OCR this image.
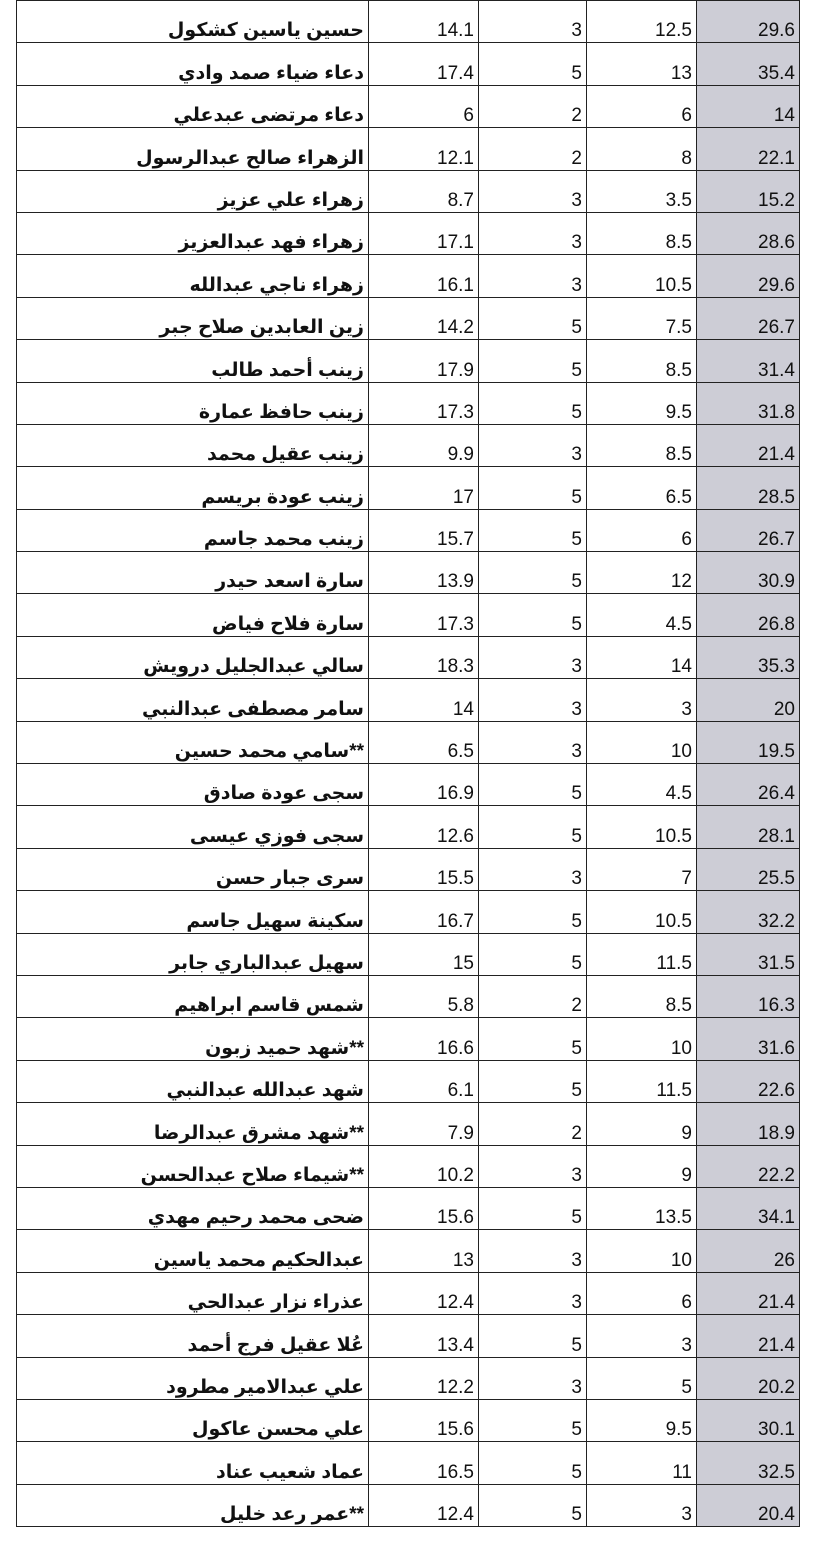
حسين ياسين كشكول	14.1	3	12.5	29.6
دعاء ضياء صمد وادي	17.4	5	13	35.4
دعاء مرتضى عبدعلي	6	2	6	14
الزهراء صالح عبدالرسول	12.1	2	8	22.1
زهراء علي عزيز	8.7	3	3.5	15.2
زهراء فهد عبدالعزيز	17.1	3	8.5	28.6
زهراء ناجي عبدالله	16.1	3	10.5	29.6
زين العابدين صلاح جبر	14.2	5	7.5	26.7
زينب أحمد طالب	17.9	5	8.5	31.4
زينب حافظ عمارة	17.3	5	9.5	31.8
زينب عقيل محمد	9.9	3	8.5	21.4
زينب عودة بريسم	17	5	6.5	28.5
زينب محمد جاسم	15.7	5	6	26.7
سارة اسعد حيدر	13.9	5	12	30.9
سارة فلاح فياض	17.3	5	4.5	26.8
سالي عبدالجليل درويش	18.3	3	14	35.3
سامر مصطفى عبدالنبي	14	3	3	20
**سامي محمد حسين	6.5	3	10	19.5
سجى عودة صادق	16.9	5	4.5	26.4
سجى فوزي عيسى	12.6	5	10.5	28.1
سرى جبار حسن	15.5	3	7	25.5
سكينة سهيل جاسم	16.7	5	10.5	32.2
سهيل عبدالباري جابر	15	5	11.5	31.5
شمس قاسم ابراهيم	5.8	2	8.5	16.3
**شهد حميد زبون	16.6	5	10	31.6
شهد عبدالله عبدالنبي	6.1	5	11.5	22.6
**شهد مشرق عبدالرضا	7.9	2	9	18.9
**شيماء صلاح عبدالحسن	10.2	3	9	22.2
ضحى محمد رحيم مهدي	15.6	5	13.5	34.1
عبدالحكيم محمد ياسين	13	3	10	26
عذراء نزار عبدالحي	12.4	3	6	21.4
عُلا عقيل فرج أحمد	13.4	5	3	21.4
علي عبدالامير مطرود	12.2	3	5	20.2
علي محسن عاكول	15.6	5	9.5	30.1
عماد شعيب عناد	16.5	5	11	32.5
**عمر رعد خليل	12.4	5	3	20.4
